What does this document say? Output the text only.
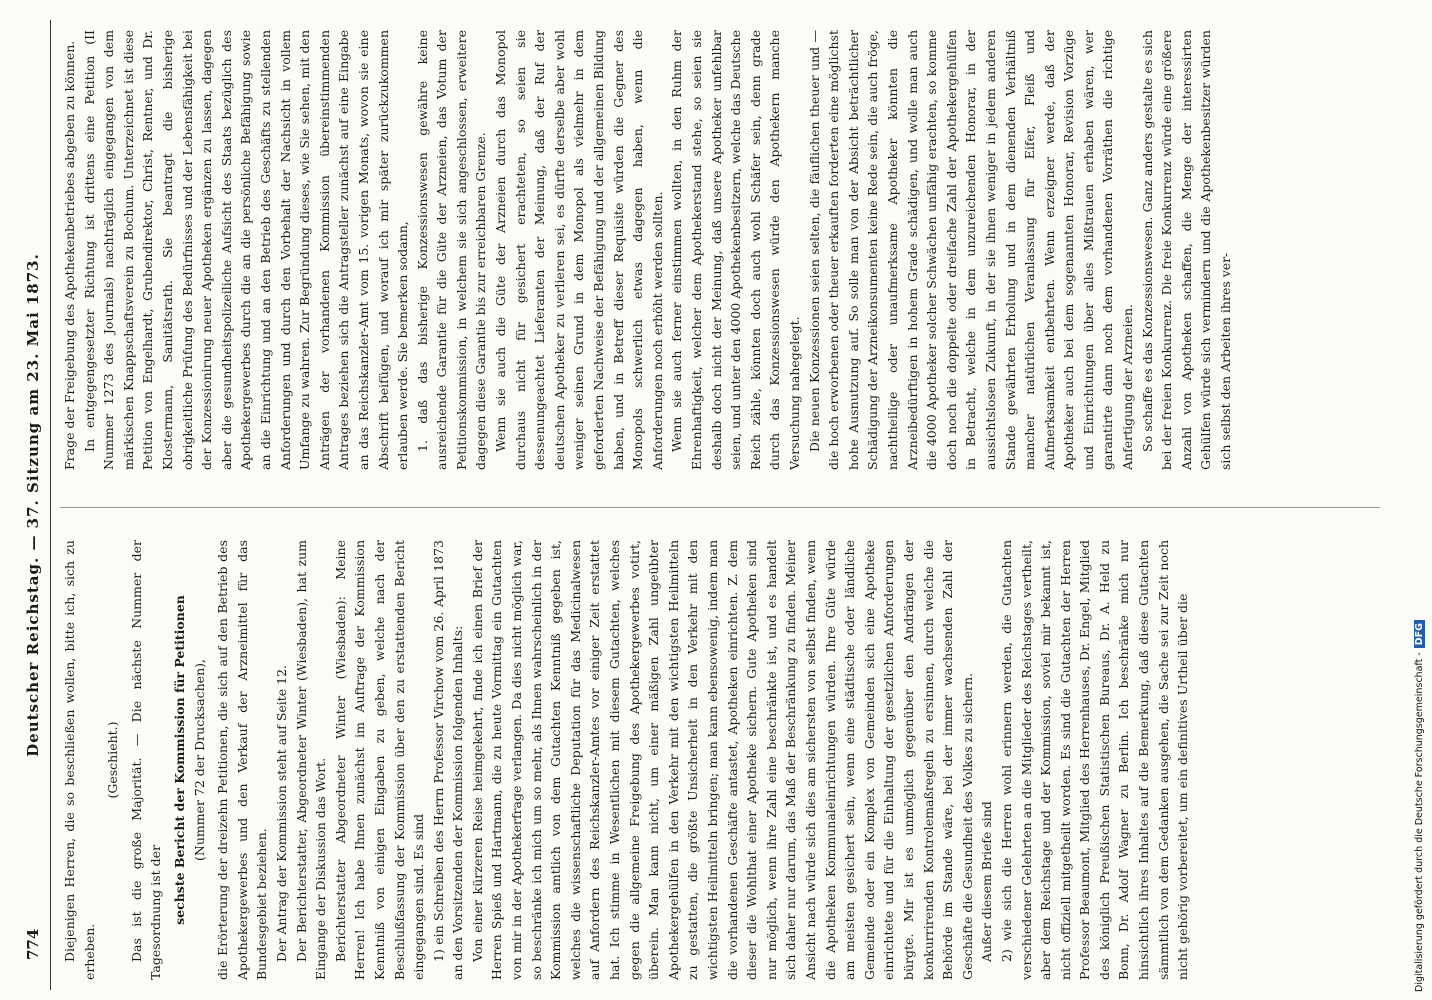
774
Deutscher Reichstag. — 37. Sitzung am 23. Mai 1873. Diejenigen Herren, die so beschließen wollen, bitte ich, sich zu erheben.

(Geschieht.) Das ist die große Majorität. — Die nächste Nummer der Tagesordnung ist der sechste Bericht der Kommission für Petitionen (Nummer 72 der Drucksachen), die Erörterung der dreizehn Petitionen, die sich auf den Betrieb des Apothekergewerbes und den Verkauf der Arzneimittel für das Bundesgebiet beziehen. Der Antrag der Kommission steht auf Seite 12. Der Berichterstatter, Abgeordneter Winter (Wiesbaden), hat zum Eingange der Diskussion das Wort. Berichterstatter Abgeordneter Winter (Wiesbaden): Meine Herren! Ich habe Ihnen zunächst im Auftrage der Kommission Kenntniß von einigen Eingaben zu geben, welche nach der Beschlußfassung der Kommission über den zu erstattenden Bericht eingegangen sind. Es sind 1) ein Schreiben des Herrn Professor Virchow vom 26. April 1873 an den Vorsitzenden der Kommission folgenden Inhalts: Von einer kürzeren Reise heimgekehrt, finde ich einen Brief der Herren Spieß und Hartmann, die zu heute Vormittag ein Gutachten von mir in der Apothekerfrage verlangen. Da dies nicht möglich war, so beschränke ich mich um so mehr, als Ihnen wahrscheinlich in der Kommission amtlich von dem Gutachten Kenntniß gegeben ist, welches die wissenschaftliche Deputation für das Medicinalwesen auf Anfordern des Reichskanzler-Amtes vor einiger Zeit erstattet hat. Ich stimme in Wesentlichen mit diesem Gutachten, welches gegen die allgemeine Freigebung des Apothekergewerbes votirt, überein. Man kann nicht, um einer mäßigen Zahl ungeübter Apothekergehülfen in den Verkehr mit den wichtigsten Heilmitteln zu gestatten, die größte Unsicherheit in den Verkehr mit den wichtigsten Heilmitteln bringen; man kann ebensowenig, indem man die vorhandenen Geschäfte antastet, Apotheken einrichten. Z. dem dieser die Wohlthat einer Apotheke sichern. Gute Apotheken sind nur möglich, wenn ihre Zahl eine beschränkte ist, und es handelt sich daher nur darum, das Maß der Beschränkung zu finden. Meiner Ansicht nach würde sich dies am sichersten von selbst finden, wenn die Apotheken Kommunaleinrichtungen würden. Ihre Güte würde am meisten gesichert sein, wenn eine städtische oder ländliche Gemeinde oder ein Komplex von Gemeinden sich eine Apotheke einrichtete und für die Einhaltung der gesetzlichen Anforderungen bürgte. Mir ist es unmöglich gegenüber den Andrängen der konkurrirenden Kontrolemaßregeln zu ersinnen, durch welche die Behörde im Stande wäre, bei der immer wachsenden Zahl der Geschäfte die Gesundheit des Volkes zu sichern. Außer diesem Briefe sind 2) wie sich die Herren wohl erinnern werden, die Gutachten verschiedener Gelehrten an die Mitglieder des Reichstages vertheilt, aber dem Reichstage und der Kommission, soviel mir bekannt ist, nicht offiziell mitgetheilt worden. Es sind die Gutachten der Herren Professor Beaumont, Mitglied des Herrenhauses, Dr. Engel, Mitglied des königlich Preußischen Statistischen Bureaus, Dr. A. Held zu Bonn, Dr. Adolf Wagner zu Berlin. Ich beschränke mich nur hinsichtlich ihres Inhaltes auf die Bemerkung, daß diese Gutachten sämmtlich von dem Gedanken ausgehen, die Sache sei zur Zeit noch nicht gehörig vorbereitet, um ein definitives Urtheil über die

Frage der Freigebung des Apothekenbetriebes abgeben zu können. In entgegengesetzter Richtung ist drittens eine Petition (II Nummer 1273 des Journals) nachträglich eingegangen von dem märkischen Knappschaftsverein zu Bochum. Unterzeichnet ist diese Petition von Engelhardt, Grubendirektor, Christ, Rentner, und Dr. Klostermann, Sanitätsrath. Sie beantragt die bisherige obrigkeitliche Prüfung des Bedürfnisses und der Lebensfähigkeit bei der Konzessionirung neuer Apotheken ergänzen zu lassen, dagegen aber die gesundheitspolizeiliche Aufsicht des Staats bezüglich des Apothekergewerbes durch die an die persönliche Befähigung sowie an die Einrichtung und an den Betrieb des Geschäfts zu stellenden Anforderungen und durch den Vorbehalt der Nachsicht in vollem Umfange zu wahren. Zur Begründung dieses, wie Sie sehen, mit den Anträgen der vorhandenen Kommission übereinstimmenden Antrages beziehen sich die Antragsteller zunächst auf eine Eingabe an das Reichskanzler-Amt vom 15. vorigen Monats, wovon sie eine Abschrift beifügen, und worauf ich mir später zurückzukommen erlauben werde. Sie bemerken sodann, 1. daß das bisherige Konzessionswesen gewähre keine ausreichende Garantie für die Güte der Arzneien, das Votum der Petitionskommission, in welchem sie sich angeschlossen, erweitere dagegen diese Garantie bis zur erreichbaren Grenze. Wenn sie auch die Güte der Arzneien durch das Monopol durchaus nicht für gesichert erachteten, so seien sie dessenungeachtet Lieferanten der Meinung, daß der Ruf der deutschen Apotheker zu verlieren sei, es dürfte derselbe aber wohl weniger seinen Grund in dem Monopol als vielmehr in dem geforderten Nachweise der Befähigung und der allgemeinen Bildung haben, und in Betreff dieser Requisite würden die Gegner des Monopols schwerlich etwas dagegen haben, wenn die Anforderungen noch erhöht werden sollten. Wenn sie auch ferner einstimmen wollten, in den Ruhm der Ehrenhaftigkeit, welcher dem Apothekerstand stehe, so seien sie deshalb doch nicht der Meinung, daß unsere Apotheker unfehlbar seien, und unter den 4000 Apothekenbesitzern, welche das Deutsche Reich zähle, könnten doch auch wohl Schäfer sein, denn grade durch das Konzessionswesen würde den Apothekern manche Versuchung nahegelegt. Die neuen Konzessionen seien selten, die fäuflichen theuer und — die hoch erworbenen oder theuer erkauften forderten eine möglichst hohe Ausnutzung auf. So solle man von der Absicht beträchtlicher Schädigung der Arzneikonsumenten keine Rede sein, die auch fröge, nachtheilige oder unaufmerksame Apotheker könnten die Arzneibedürftigen in hohem Grade schädigen, und wolle man auch die 4000 Apotheker solcher Schwächen unfähig erachten, so komme doch noch die doppelte oder dreifache Zahl der Apothekergehülfen in Betracht, welche in dem unzureichenden Honorar, in der aussichtslosen Zukunft, in der sie ihnen weniger in jedem anderen Stande gewährten Erholung und in dem dienenden Verhältniß mancher natürlichen Veranlassung für Eifer, Fleiß und Aufmerksamkeit entbehrten. Wenn erzeigner werde, daß der Apotheker auch bei dem sogenannten Honorar, Revision Vorzüge und Einrichtungen über alles Mißtrauen erhaben wären, wer garantirte dann noch dem vorhandenen Vorräthen die richtige Anfertigung der Arzneien. So schaffe es das Konzessionswesen. Ganz anders gestalte es sich bei der freien Konkurrenz. Die freie Konkurrenz würde eine größere Anzahl von Apotheken schaffen, die Menge der interessirten Gehülfen würde sich vermindern und die Apothekenbesitzer würden sich selbst den Arbeiten ihres ver-

Digitalisierung gefördert durch die Deutsche Forschungsgemeinschaft -DFG
